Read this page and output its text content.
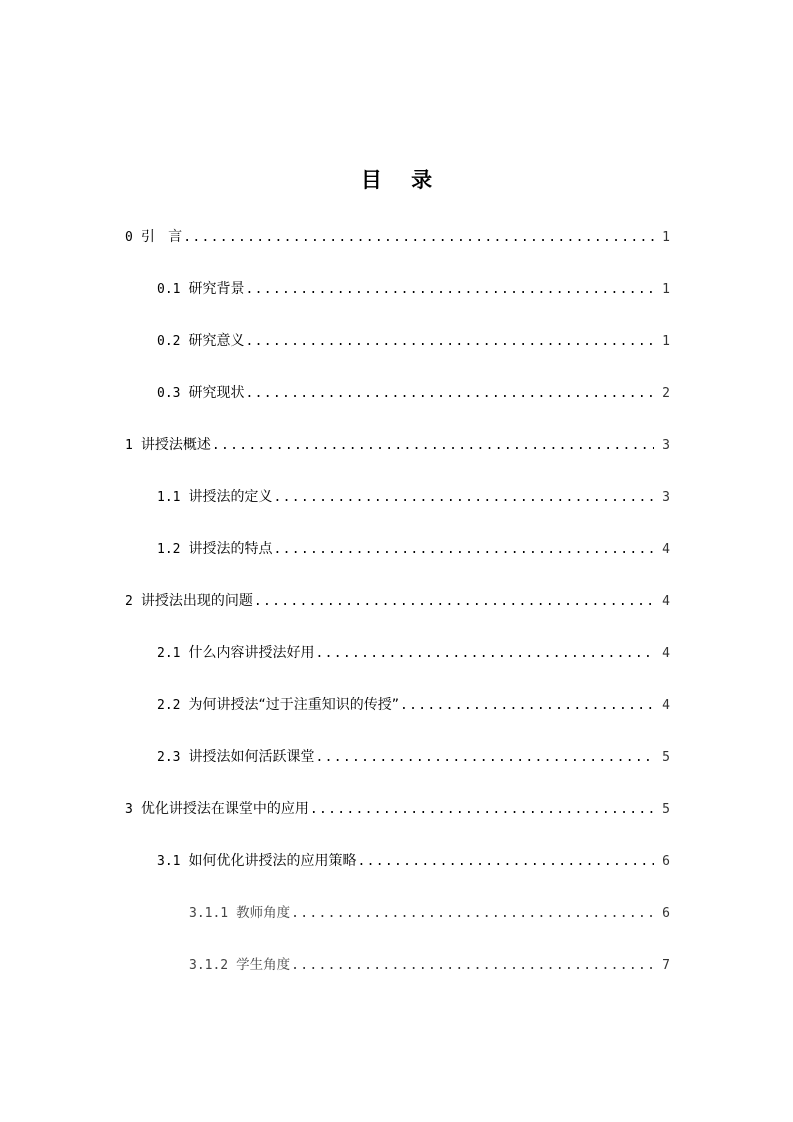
目    录
0 引   言 .....	1
0.1 研究背景 .....	1
0.2 研究意义 .....	1
0.3 研究现状 .....	2
1 讲授法概述 .....	3
1.1 讲授法的定义 .....	3
1.2 讲授法的特点 .....	4
2 讲授法出现的问题 .....	4
2.1 什么内容讲授法好用 .....	4
2.2 为何讲授法“过于注重知识的传授” .....	4
2.3 讲授法如何活跃课堂 .....	5
3 优化讲授法在课堂中的应用 .....	5
3.1 如何优化讲授法的应用策略 .....	6
3.1.1 教师角度 .....	6
3.1.2 学生角度 .....	7
